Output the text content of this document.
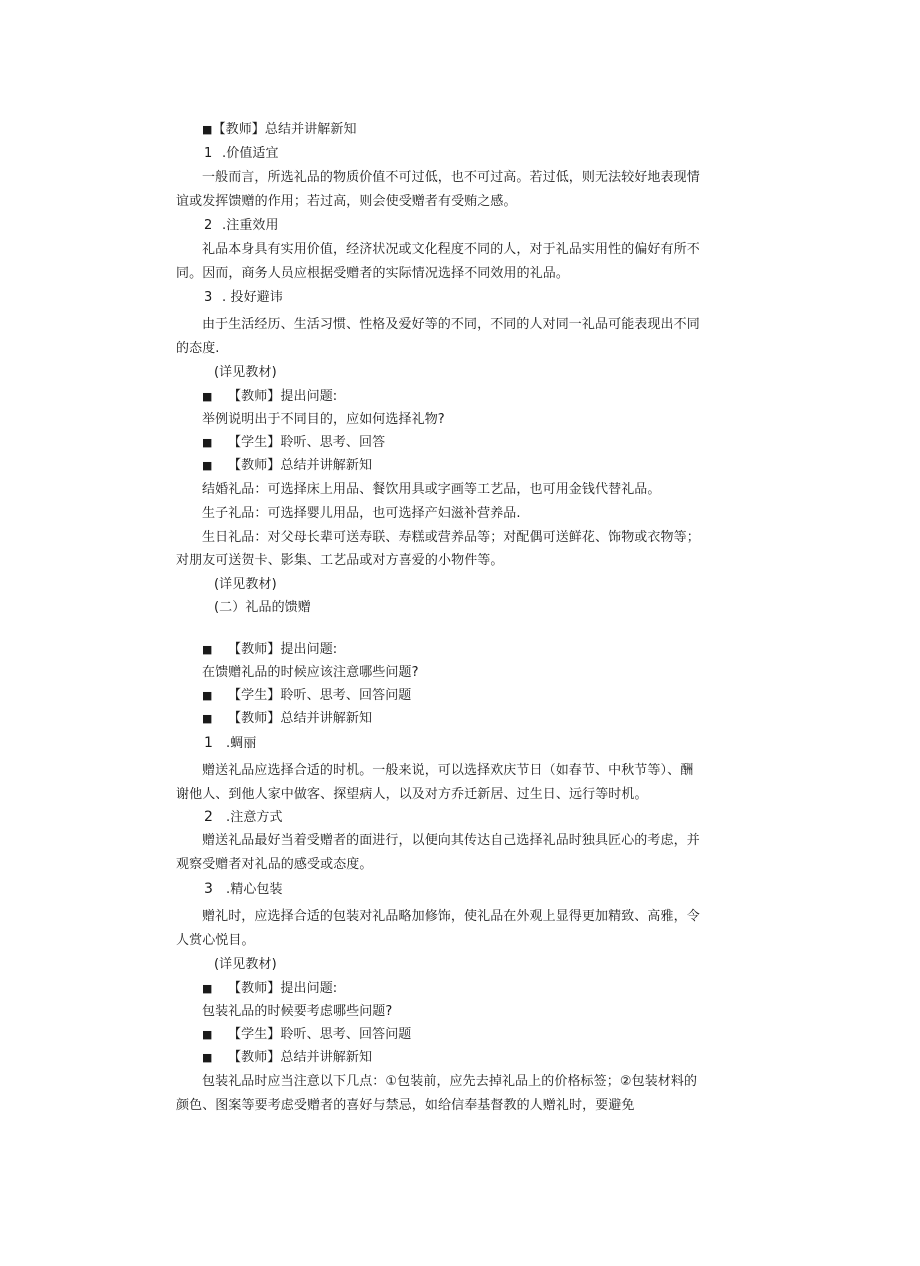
■【教师】总结并讲解新知
1 .价值适宜
一般而言，所选礼品的物质价值不可过低，也不可过高。若过低，则无法较好地表现情
谊或发挥馈赠的作用；若过高，则会使受赠者有受贿之感。
2 .注重效用
礼品本身具有实用价值，经济状况或文化程度不同的人，对于礼品实用性的偏好有所不
同。因而，商务人员应根据受赠者的实际情况选择不同效用的礼品。
3 . 投好避讳
由于生活经历、生活习惯、性格及爱好等的不同，不同的人对同一礼品可能表现出不同
的态度.
(详见教材)
■ 【教师】提出问题:
举例说明出于不同目的，应如何选择礼物?
■ 【学生】聆听、思考、回答
■ 【教师】总结并讲解新知
结婚礼品：可选择床上用品、餐饮用具或字画等工艺品，也可用金钱代替礼品。
生子礼品：可选择婴儿用品，也可选择产妇滋补营养品.
生日礼品：对父母长辈可送寿联、寿糕或营养品等；对配偶可送鲜花、饰物或衣物等；
对朋友可送贺卡、影集、工艺品或对方喜爱的小物件等。
(详见教材)
(二）礼品的馈赠
■ 【教师】提出问题:
在馈赠礼品的时候应该注意哪些问题?
■ 【学生】聆听、思考、回答问题
■ 【教师】总结并讲解新知
1 .蜩丽
赠送礼品应选择合适的时机。一般来说，可以选择欢庆节日（如春节、中秋节等）、酬
谢他人、到他人家中做客、探望病人，以及对方乔迁新居、过生日、远行等时机。
2 .注意方式
赠送礼品最好当着受赠者的面进行，以便向其传达自己选择礼品时独具匠心的考虑，并
观察受赠者对礼品的感受或态度。
3 .精心包装
赠礼时，应选择合适的包装对礼品略加修饰，使礼品在外观上显得更加精致、高雅，令
人赏心悦目。
(详见教材)
■ 【教师】提出问题:
包装礼品的时候要考虑哪些问题?
■ 【学生】聆听、思考、回答问题
■ 【教师】总结并讲解新知
包装礼品时应当注意以下几点：①包装前，应先去掉礼品上的价格标签；②包装材料的
颜色、图案等要考虑受赠者的喜好与禁忌，如给信奉基督教的人赠礼时，要避免
